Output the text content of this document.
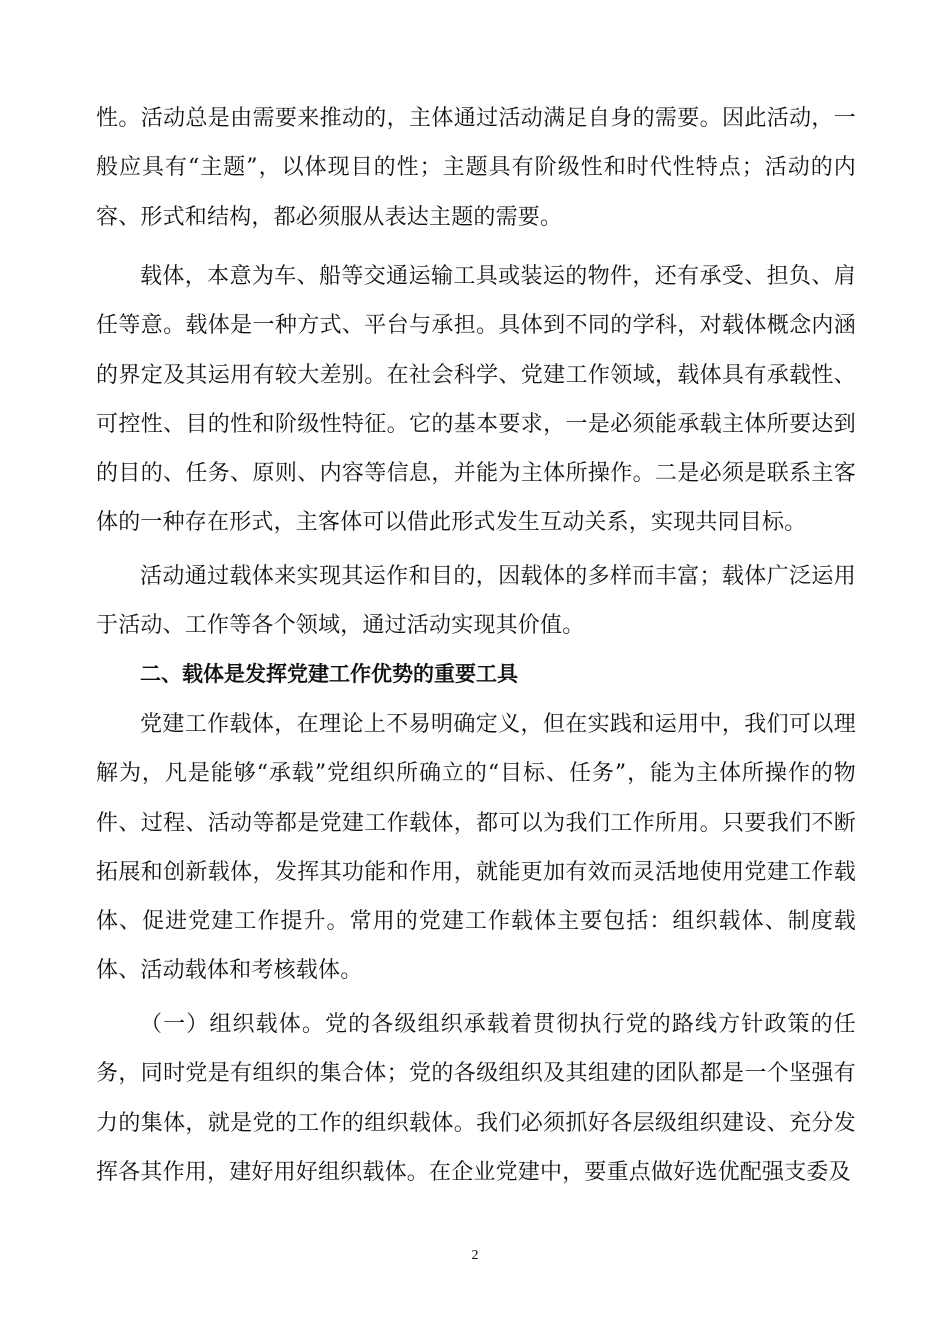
性。活动总是由需要来推动的，主体通过活动满足自身的需要。因此活动，一般应具有“主题”，以体现目的性；主题具有阶级性和时代性特点；活动的内容、形式和结构，都必须服从表达主题的需要。

载体，本意为车、船等交通运输工具或装运的物件，还有承受、担负、肩任等意。载体是一种方式、平台与承担。具体到不同的学科，对载体概念内涵的界定及其运用有较大差别。在社会科学、党建工作领域，载体具有承载性、可控性、目的性和阶级性特征。它的基本要求，一是必须能承载主体所要达到的目的、任务、原则、内容等信息，并能为主体所操作。二是必须是联系主客体的一种存在形式，主客体可以借此形式发生互动关系，实现共同目标。

活动通过载体来实现其运作和目的，因载体的多样而丰富；载体广泛运用于活动、工作等各个领域，通过活动实现其价值。

二、载体是发挥党建工作优势的重要工具

党建工作载体，在理论上不易明确定义，但在实践和运用中，我们可以理解为，凡是能够“承载”党组织所确立的“目标、任务”，能为主体所操作的物件、过程、活动等都是党建工作载体，都可以为我们工作所用。只要我们不断拓展和创新载体，发挥其功能和作用，就能更加有效而灵活地使用党建工作载体、促进党建工作提升。常用的党建工作载体主要包括：组织载体、制度载体、活动载体和考核载体。

（一）组织载体。党的各级组织承载着贯彻执行党的路线方针政策的任务，同时党是有组织的集合体；党的各级组织及其组建的团队都是一个坚强有力的集体，就是党的工作的组织载体。我们必须抓好各层级组织建设、充分发挥各其作用，建好用好组织载体。在企业党建中，要重点做好选优配强支委及

2
